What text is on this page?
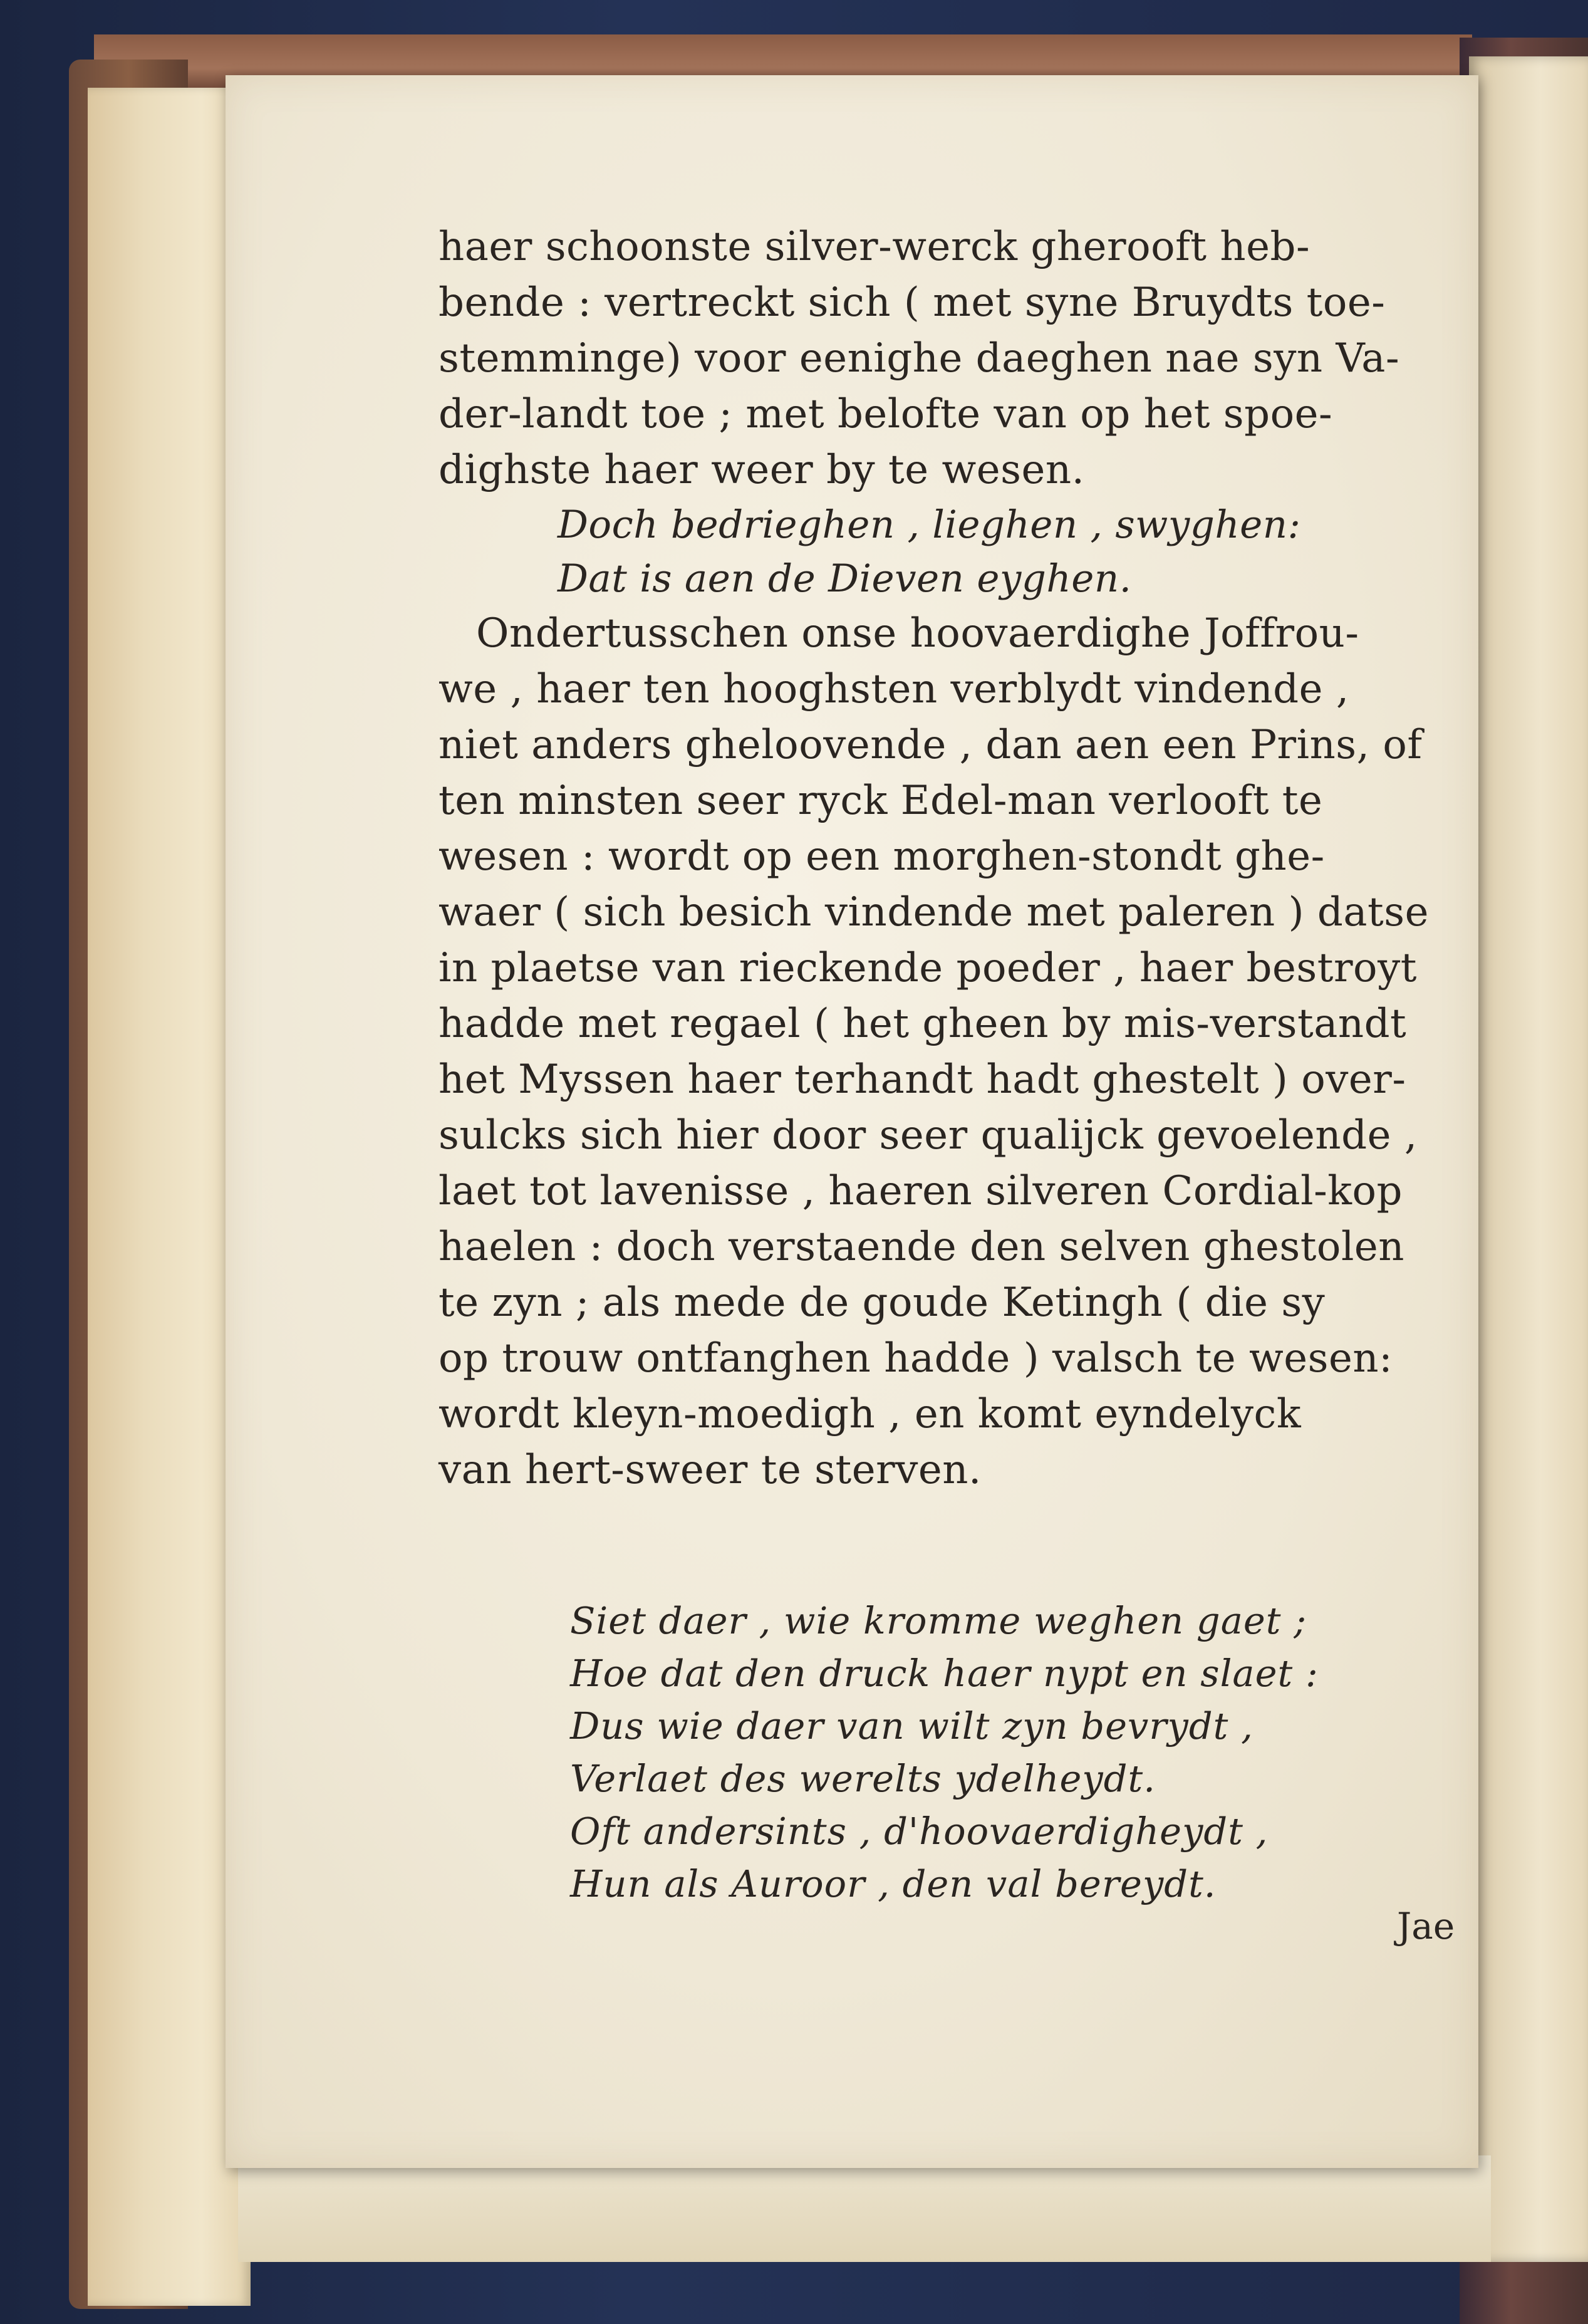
haer schoonste silver-werck gherooft heb-

bende : vertreckt sich ( met syne Bruydts toe-

stemminge) voor eenighe daeghen nae syn Va-

der-landt toe ; met belofte van op het spoe-

dighste haer weer by te wesen.

Doch bedrieghen , lieghen , swyghen:

Dat is aen de Dieven eyghen.

Ondertusschen onse hoovaerdighe Joffrou-

we , haer ten hooghsten verblydt vindende ,

niet anders gheloovende , dan aen een Prins, of

ten minsten seer ryck Edel-man verlooft te

wesen : wordt op een morghen-stondt ghe-

waer ( sich besich vindende met paleren ) datse

in plaetse van rieckende poeder , haer bestroyt

hadde met regael ( het gheen by mis-verstandt

het Myssen haer terhandt hadt ghestelt ) over-

sulcks sich hier door seer qualijck gevoelende ,

laet tot lavenisse , haeren silveren Cordial-kop

haelen : doch verstaende den selven ghestolen

te zyn ; als mede de goude Ketingh ( die sy

op trouw ontfanghen hadde ) valsch te wesen:

wordt kleyn-moedigh , en komt eyndelyck

van hert-sweer te sterven.

Siet daer , wie kromme weghen gaet ;

Hoe dat den druck haer nypt en slaet :

Dus wie daer van wilt zyn bevrydt ,

Verlaet des werelts ydelheydt.

Oft andersints , d'hoovaerdigheydt ,

Hun als Auroor , den val bereydt.

Jae
